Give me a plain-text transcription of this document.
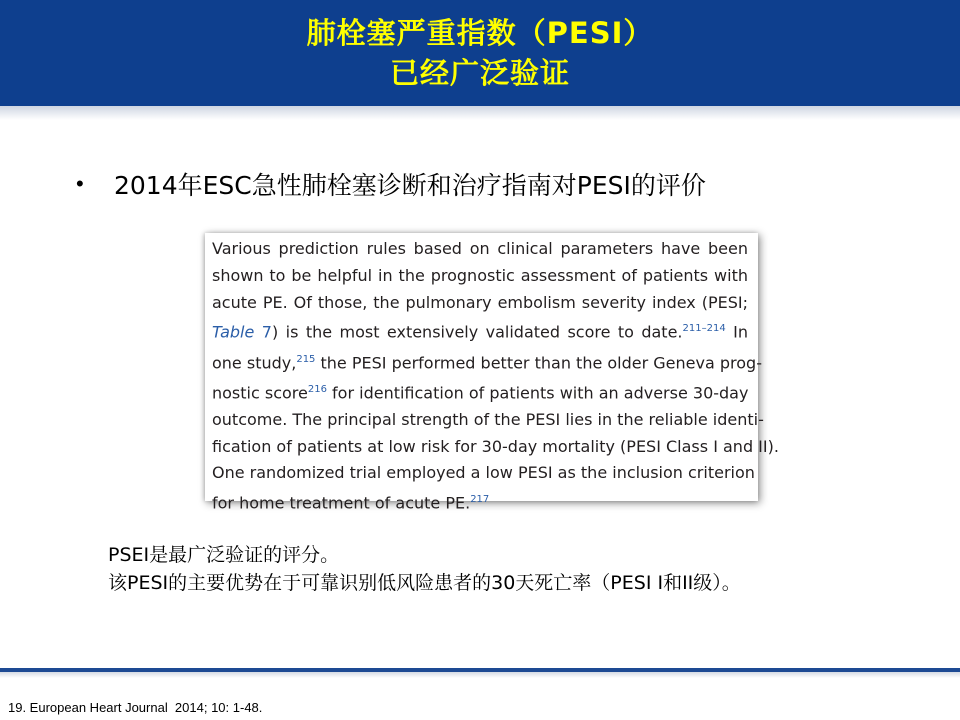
肺栓塞严重指数（PESI）
已经广泛验证
•	2014年ESC急性肺栓塞诊断和治疗指南对PESI的评价
Various prediction rules based on clinical parameters have been
shown to be helpful in the prognostic assessment of patients with
acute PE. Of those, the pulmonary embolism severity index (PESI;
Table 7) is the most extensively validated score to date.$^{211-214}$ In
one study,$^{215}$ the PESI performed better than the older Geneva prog-
nostic score$^{216}$ for identification of patients with an adverse 30-day
outcome. The principal strength of the PESI lies in the reliable identi-
fication of patients at low risk for 30-day mortality (PESI Class I and II).
One randomized trial employed a low PESI as the inclusion criterion
for home treatment of acute PE.$^{217}$
PSEI是最广泛验证的评分。
该PESI的主要优势在于可靠识别低风险患者的30天死亡率（PESI I和II级）。
19. European Heart Journal  2014; 10: 1-48.
